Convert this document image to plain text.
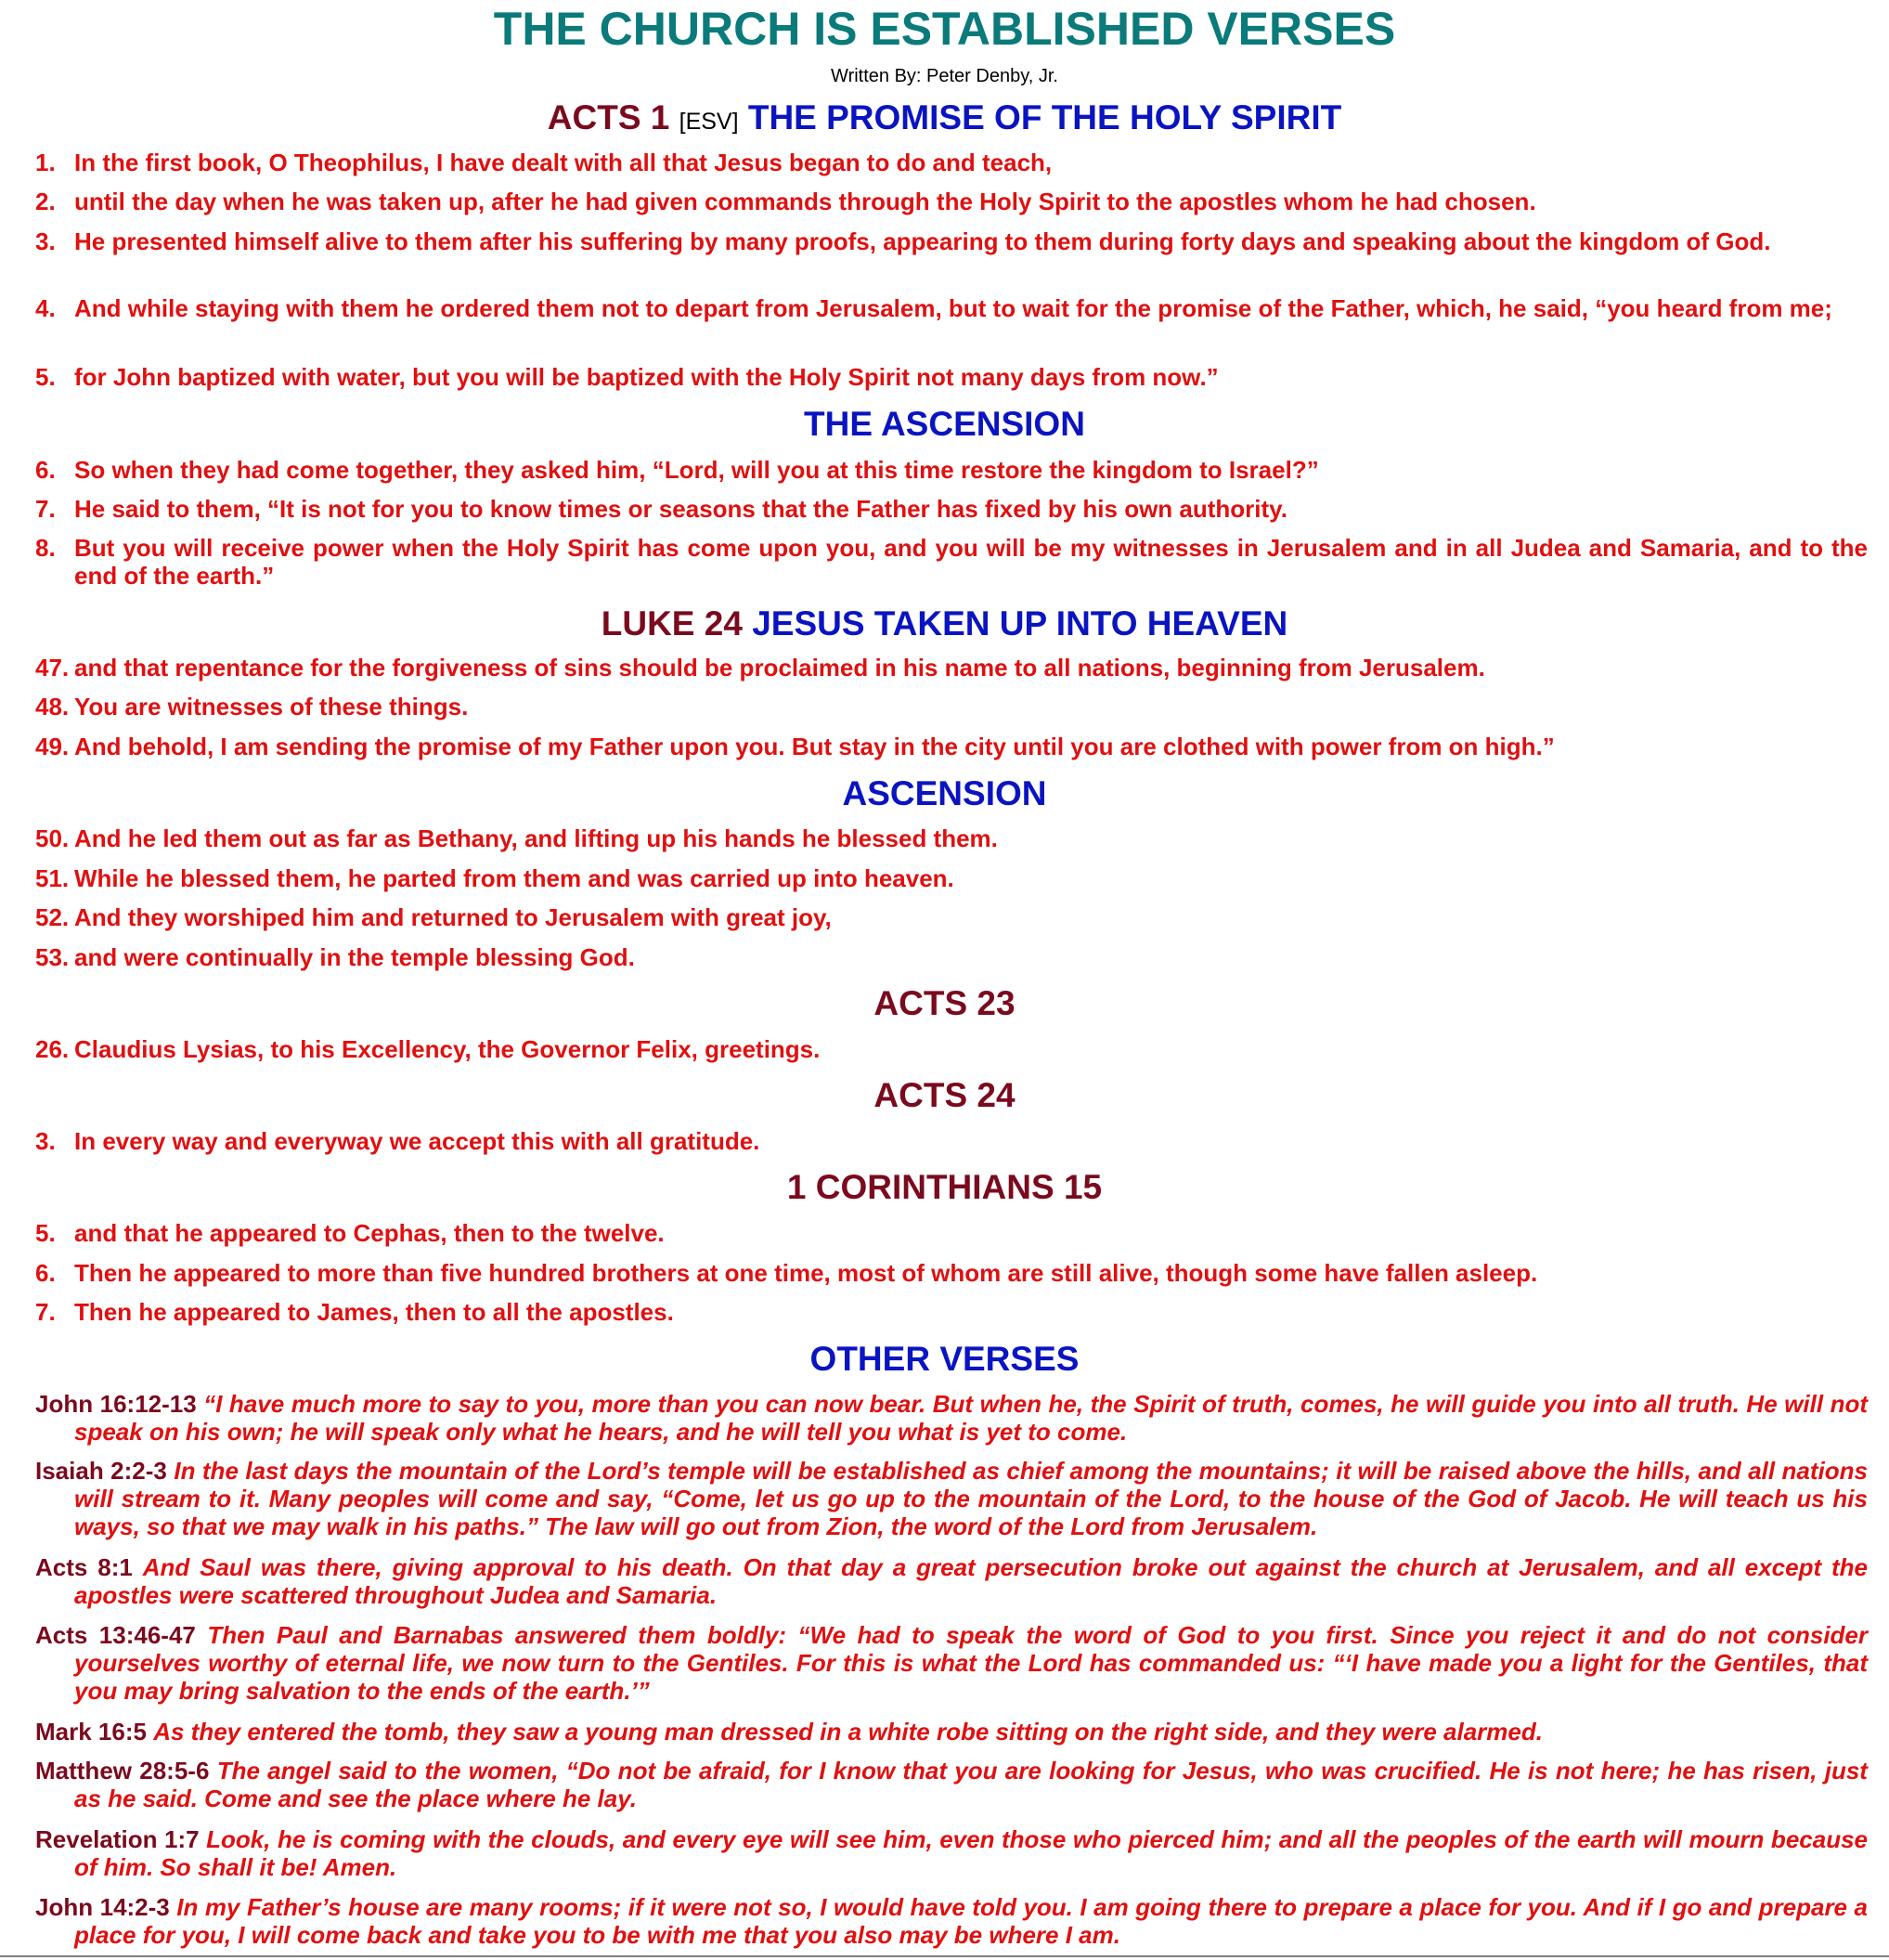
THE CHURCH IS ESTABLISHED VERSES
Written By: Peter Denby, Jr.
ACTS 1 [ESV] THE PROMISE OF THE HOLY SPIRIT
1. In the first book, O Theophilus, I have dealt with all that Jesus began to do and teach,
2. until the day when he was taken up, after he had given commands through the Holy Spirit to the apostles whom he had chosen.
3. He presented himself alive to them after his suffering by many proofs, appearing to them during forty days and speaking about the kingdom of God.
4. And while staying with them he ordered them not to depart from Jerusalem, but to wait for the promise of the Father, which, he said, “you heard from me;
5. for John baptized with water, but you will be baptized with the Holy Spirit not many days from now.”
THE ASCENSION
6. So when they had come together, they asked him, “Lord, will you at this time restore the kingdom to Israel?”
7. He said to them, “It is not for you to know times or seasons that the Father has fixed by his own authority.
8. But you will receive power when the Holy Spirit has come upon you, and you will be my witnesses in Jerusalem and in all Judea and Samaria, and to the end of the earth.”
LUKE 24 JESUS TAKEN UP INTO HEAVEN
47. and that repentance for the forgiveness of sins should be proclaimed in his name to all nations, beginning from Jerusalem.
48. You are witnesses of these things.
49. And behold, I am sending the promise of my Father upon you. But stay in the city until you are clothed with power from on high.”
ASCENSION
50. And he led them out as far as Bethany, and lifting up his hands he blessed them.
51. While he blessed them, he parted from them and was carried up into heaven.
52. And they worshiped him and returned to Jerusalem with great joy,
53. and were continually in the temple blessing God.
ACTS 23
26. Claudius Lysias, to his Excellency, the Governor Felix, greetings.
ACTS 24
3. In every way and everyway we accept this with all gratitude.
1 CORINTHIANS 15
5. and that he appeared to Cephas, then to the twelve.
6. Then he appeared to more than five hundred brothers at one time, most of whom are still alive, though some have fallen asleep.
7. Then he appeared to James, then to all the apostles.
OTHER VERSES
John 16:12-13 “I have much more to say to you, more than you can now bear. But when he, the Spirit of truth, comes, he will guide you into all truth. He will not speak on his own; he will speak only what he hears, and he will tell you what is yet to come.
Isaiah 2:2-3 In the last days the mountain of the Lord’s temple will be established as chief among the mountains; it will be raised above the hills, and all nations will stream to it. Many peoples will come and say, “Come, let us go up to the mountain of the Lord, to the house of the God of Jacob. He will teach us his ways, so that we may walk in his paths.” The law will go out from Zion, the word of the Lord from Jerusalem.
Acts 8:1 And Saul was there, giving approval to his death. On that day a great persecution broke out against the church at Jerusalem, and all except the apostles were scattered throughout Judea and Samaria.
Acts 13:46-47 Then Paul and Barnabas answered them boldly: “We had to speak the word of God to you first. Since you reject it and do not consider yourselves worthy of eternal life, we now turn to the Gentiles. For this is what the Lord has commanded us: “‘I have made you a light for the Gentiles, that you may bring salvation to the ends of the earth.’”
Mark 16:5 As they entered the tomb, they saw a young man dressed in a white robe sitting on the right side, and they were alarmed.
Matthew 28:5-6 The angel said to the women, “Do not be afraid, for I know that you are looking for Jesus, who was crucified. He is not here; he has risen, just as he said. Come and see the place where he lay.
Revelation 1:7 Look, he is coming with the clouds, and every eye will see him, even those who pierced him; and all the peoples of the earth will mourn because of him. So shall it be! Amen.
John 14:2-3 In my Father’s house are many rooms; if it were not so, I would have told you. I am going there to prepare a place for you. And if I go and prepare a place for you, I will come back and take you to be with me that you also may be where I am.
